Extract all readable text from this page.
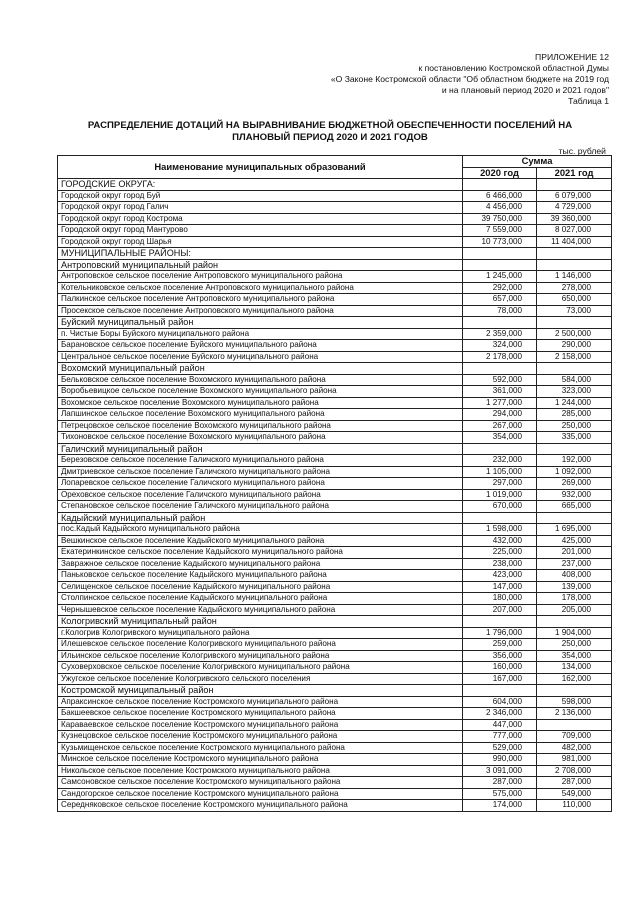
ПРИЛОЖЕНИЕ 12
к постановлению Костромской областной Думы
«О Законе Костромской области "Об областном бюджете на 2019 год
и на плановый период 2020 и 2021 годов"
Таблица 1
РАСПРЕДЕЛЕНИЕ ДОТАЦИЙ НА ВЫРАВНИВАНИЕ БЮДЖЕТНОЙ ОБЕСПЕЧЕННОСТИ ПОСЕЛЕНИЙ НА
ПЛАНОВЫЙ ПЕРИОД 2020 И 2021 ГОДОВ
тыс. рублей
Наименование муниципальных образований	Сумма	
	2020 год	2021 год
ГОРОДСКИЕ ОКРУГА:		
Городской округ город Буй	6 466,000	6 079,000
Городской округ город Галич	4 456,000	4 729,000
Городской округ город Кострома	39 750,000	39 360,000
Городской округ город Мантурово	7 559,000	8 027,000
Городской округ город Шарья	10 773,000	11 404,000
МУНИЦИПАЛЬНЫЕ РАЙОНЫ:		
Антроповский муниципальный район		
Антроповское сельское поселение Антроповского муниципального района	1 245,000	1 146,000
Котельниковское сельское поселение Антроповского муниципального района	292,000	278,000
Палкинское сельское поселение Антроповского муниципального района	657,000	650,000
Просекское сельское поселение Антроповского муниципального района	78,000	73,000
Буйский муниципальный район		
п. Чистые Боры Буйского муниципального района	2 359,000	2 500,000
Барановское сельское поселение Буйского муниципального района	324,000	290,000
Центральное сельское поселение Буйского муниципального района	2 178,000	2 158,000
Вохомский муниципальный район		
Бельковское сельское поселение Вохомского муниципального района	592,000	584,000
Воробьевицкое сельское поселение Вохомского муниципального района	361,000	323,000
Вохомское сельское поселение Вохомского муниципального района	1 277,000	1 244,000
Лапшинское сельское поселение Вохомского муниципального района	294,000	285,000
Петрецовское сельское поселение Вохомского муниципального района	267,000	250,000
Тихоновское сельское поселение Вохомского муниципального района	354,000	335,000
Галичский муниципальный район		
Березовское сельское поселение Галичского муниципального района	232,000	192,000
Дмитриевское сельское поселение Галичского муниципального района	1 105,000	1 092,000
Лопаревское сельское поселение Галичского муниципального района	297,000	269,000
Ореховское сельское поселение Галичского муниципального района	1 019,000	932,000
Степановское сельское поселение Галичского муниципального района	670,000	665,000
Кадыйский муниципальный район		
пос.Кадый Кадыйского муниципального района	1 598,000	1 695,000
Вешкинское сельское поселение Кадыйского муниципального района	432,000	425,000
Екатеринкинское сельское поселение Кадыйского муниципального района	225,000	201,000
Завражное сельское поселение Кадыйского муниципального района	238,000	237,000
Паньковское сельское поселение Кадыйского муниципального района	423,000	408,000
Селищенское сельское поселение Кадыйского муниципального района	147,000	139,000
Столпинское сельское поселение Кадыйского муниципального района	180,000	178,000
Чернышевское сельское поселение Кадыйского муниципального района	207,000	205,000
Кологривский муниципальный район		
г.Кологрив Кологривского муниципального района	1 796,000	1 904,000
Илешевское сельское поселение Кологривского муниципального района	259,000	250,000
Ильинское сельское поселение Кологривского муниципального района	356,000	354,000
Суховерховское сельское поселение Кологривского муниципального района	160,000	134,000
Ужугское сельское поселение Кологривского сельского поселения	167,000	162,000
Костромской муниципальный район		
Апраксинское сельское поселение Костромского муниципального района	604,000	598,000
Бакшеевское сельское поселение Костромского муниципального района	2 346,000	2 136,000
Караваевское сельское поселение Костромского муниципального района	447,000	
Кузнецовское сельское поселение Костромского муниципального района	777,000	709,000
Кузьмищенское сельское поселение Костромского муниципального района	529,000	482,000
Минское сельское поселение Костромского муниципального района	990,000	981,000
Никольское сельское поселение Костромского муниципального района	3 091,000	2 708,000
Самсоновское сельское поселение Костромского муниципального района	287,000	287,000
Сандогорское сельское поселение Костромского муниципального района	575,000	549,000
Середняковское сельское поселение Костромского муниципального района	174,000	110,000
